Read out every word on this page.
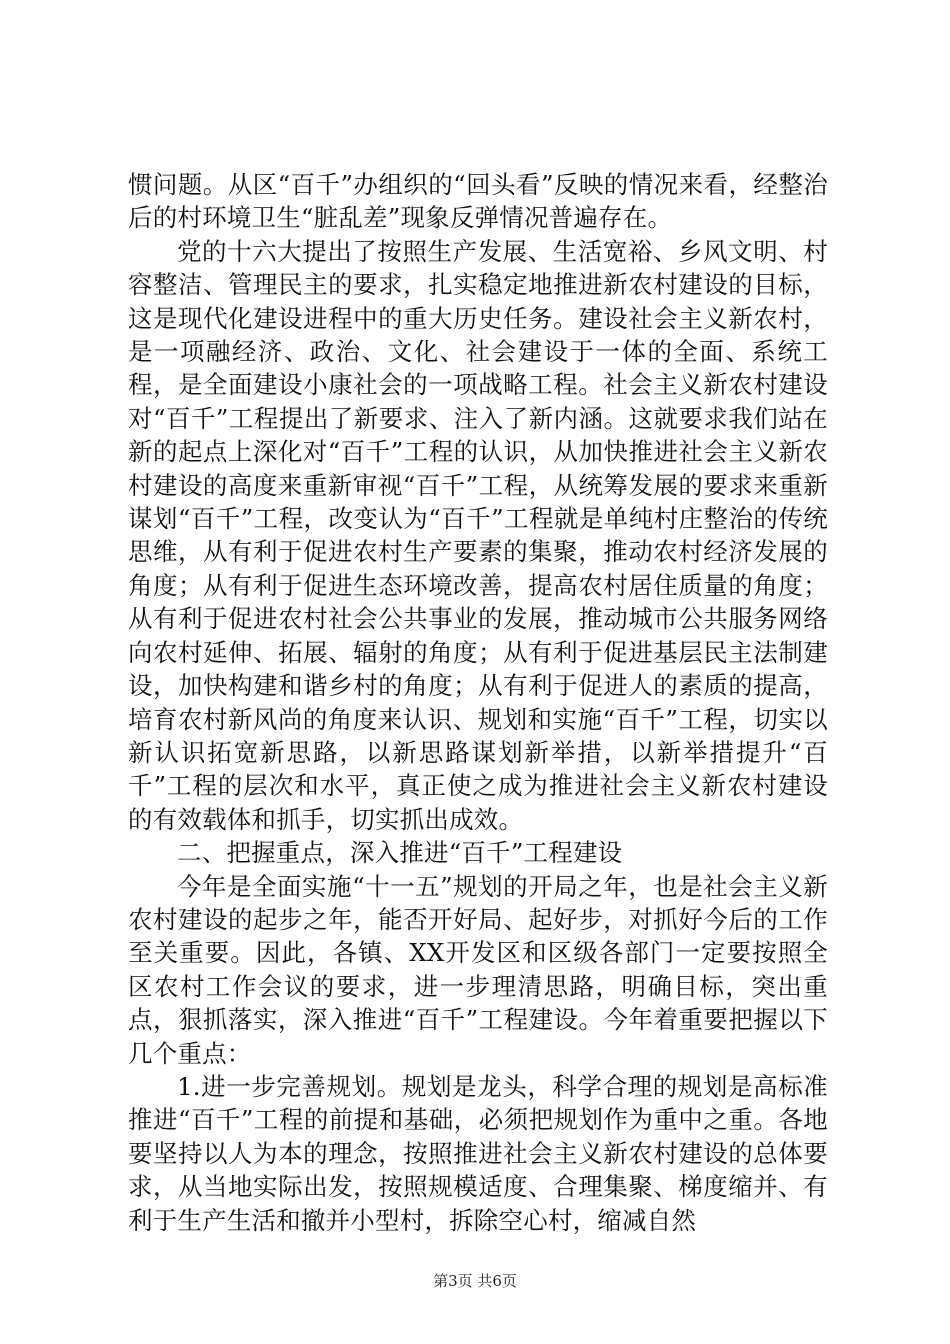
惯问题。从区“百千”办组织的“回头看”反映的情况来看，经整治后的村环境卫生“脏乱差”现象反弹情况普遍存在。

党的十六大提出了按照生产发展、生活宽裕、乡风文明、村容整洁、管理民主的要求，扎实稳定地推进新农村建设的目标，这是现代化建设进程中的重大历史任务。建设社会主义新农村，是一项融经济、政治、文化、社会建设于一体的全面、系统工程，是全面建设小康社会的一项战略工程。社会主义新农村建设对“百千”工程提出了新要求、注入了新内涵。这就要求我们站在新的起点上深化对“百千”工程的认识，从加快推进社会主义新农村建设的高度来重新审视“百千”工程，从统筹发展的要求来重新谋划“百千”工程，改变认为“百千”工程就是单纯村庄整治的传统思维，从有利于促进农村生产要素的集聚，推动农村经济发展的角度；从有利于促进生态环境改善，提高农村居住质量的角度；从有利于促进农村社会公共事业的发展，推动城市公共服务网络向农村延伸、拓展、辐射的角度；从有利于促进基层民主法制建设，加快构建和谐乡村的角度；从有利于促进人的素质的提高，培育农村新风尚的角度来认识、规划和实施“百千”工程，切实以新认识拓宽新思路，以新思路谋划新举措，以新举措提升“百千”工程的层次和水平，真正使之成为推进社会主义新农村建设的有效载体和抓手，切实抓出成效。

二、把握重点，深入推进“百千”工程建设

今年是全面实施“十一五”规划的开局之年，也是社会主义新农村建设的起步之年，能否开好局、起好步，对抓好今后的工作至关重要。因此，各镇、XX开发区和区级各部门一定要按照全区农村工作会议的要求，进一步理清思路，明确目标，突出重点，狠抓落实，深入推进“百千”工程建设。今年着重要把握以下几个重点：

1.进一步完善规划。规划是龙头，科学合理的规划是高标准推进“百千”工程的前提和基础，必须把规划作为重中之重。各地要坚持以人为本的理念，按照推进社会主义新农村建设的总体要求，从当地实际出发，按照规模适度、合理集聚、梯度缩并、有利于生产生活和撤并小型村，拆除空心村，缩减自然

第3页 共6页
